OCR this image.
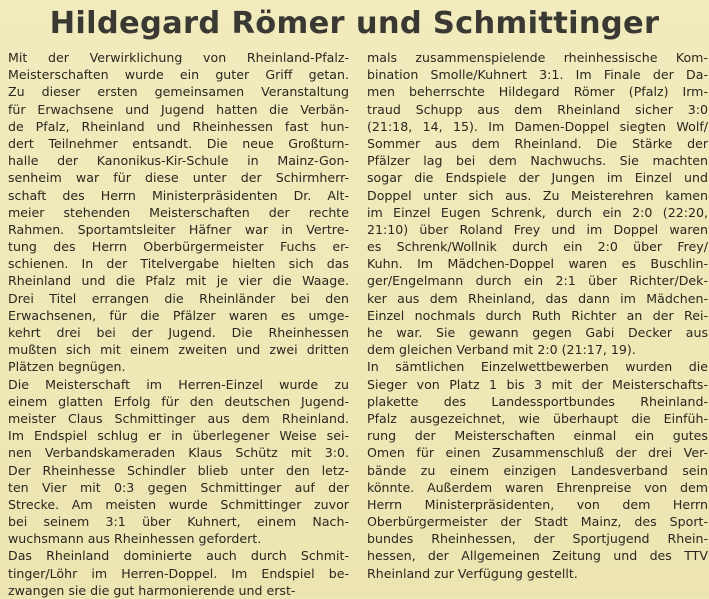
Hildegard Römer und Schmittinger
Mit der Verwirklichung von Rheinland-Pfalz-
Meisterschaften wurde ein guter Griff getan.
Zu dieser ersten gemeinsamen Veranstaltung
für Erwachsene und Jugend hatten die Verbän-
de Pfalz, Rheinland und Rheinhessen fast hun-
dert Teilnehmer entsandt. Die neue Großturn-
halle der Kanonikus-Kir-Schule in Mainz-Gon-
senheim war für diese unter der Schirmherr-
schaft des Herrn Ministerpräsidenten Dr. Alt-
meier stehenden Meisterschaften der rechte
Rahmen. Sportamtsleiter Häfner war in Vertre-
tung des Herrn Oberbürgermeister Fuchs er-
schienen. In der Titelvergabe hielten sich das
Rheinland und die Pfalz mit je vier die Waage.
Drei Titel errangen die Rheinländer bei den
Erwachsenen, für die Pfälzer waren es umge-
kehrt drei bei der Jugend. Die Rheinhessen
mußten sich mit einem zweiten und zwei dritten
Plätzen begnügen.
Die Meisterschaft im Herren-Einzel wurde zu
einem glatten Erfolg für den deutschen Jugend-
meister Claus Schmittinger aus dem Rheinland.
Im Endspiel schlug er in überlegener Weise sei-
nen Verbandskameraden Klaus Schütz mit 3:0.
Der Rheinhesse Schindler blieb unter den letz-
ten Vier mit 0:3 gegen Schmittinger auf der
Strecke. Am meisten wurde Schmittinger zuvor
bei seinem 3:1 über Kuhnert, einem Nach-
wuchsmann aus Rheinhessen gefordert.
Das Rheinland dominierte auch durch Schmit-
tinger/Löhr im Herren-Doppel. Im Endspiel be-
zwangen sie die gut harmonierende und erst-
mals zusammenspielende rheinhessische Kom-
bination Smolle/Kuhnert 3:1. Im Finale der Da-
men beherrschte Hildegard Römer (Pfalz) Irm-
traud Schupp aus dem Rheinland sicher 3:0
(21:18, 14, 15). Im Damen-Doppel siegten Wolf/
Sommer aus dem Rheinland. Die Stärke der
Pfälzer lag bei dem Nachwuchs. Sie machten
sogar die Endspiele der Jungen im Einzel und
Doppel unter sich aus. Zu Meisterehren kamen
im Einzel Eugen Schrenk, durch ein 2:0 (22:20,
21:10) über Roland Frey und im Doppel waren
es Schrenk/Wollnik durch ein 2:0 über Frey/
Kuhn. Im Mädchen-Doppel waren es Buschlin-
ger/Engelmann durch ein 2:1 über Richter/Dek-
ker aus dem Rheinland, das dann im Mädchen-
Einzel nochmals durch Ruth Richter an der Rei-
he war. Sie gewann gegen Gabi Decker aus
dem gleichen Verband mit 2:0 (21:17, 19).
In sämtlichen Einzelwettbewerben wurden die
Sieger von Platz 1 bis 3 mit der Meisterschafts-
plakette des Landessportbundes Rheinland-
Pfalz ausgezeichnet, wie überhaupt die Einfüh-
rung der Meisterschaften einmal ein gutes
Omen für einen Zusammenschluß der drei Ver-
bände zu einem einzigen Landesverband sein
könnte. Außerdem waren Ehrenpreise von dem
Herrn Ministerpräsidenten, von dem Herrn
Oberbürgermeister der Stadt Mainz, des Sport-
bundes Rheinhessen, der Sportjugend Rhein-
hessen, der Allgemeinen Zeitung und des TTV
Rheinland zur Verfügung gestellt.
